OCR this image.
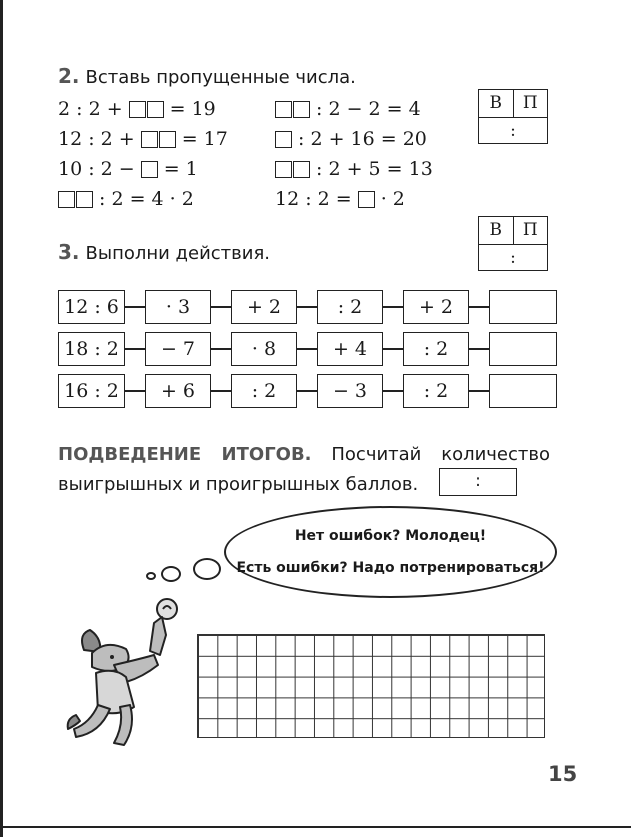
2. Вставь пропущенные числа.
2 : 2 + = 19
12 : 2 + = 17
10 : 2 − = 1
: 2 = 4 · 2
: 2 − 2 = 4
: 2 + 16 = 20
: 2 + 5 = 13
12 : 2 = · 2
В	П
:
3. Выполни действия.
В	П
:
12 : 6	· 3	+ 2	: 2	+ 2
18 : 2	− 7	· 8	+ 4	: 2
16 : 2	+ 6	: 2	− 3	: 2
ПОДВЕДЕНИЕ ИТОГОВ. Посчитай количество выигрышных и проигрышных баллов.	:
Нет ошибок? Молодец!
Есть ошибки? Надо потренироваться!
15
